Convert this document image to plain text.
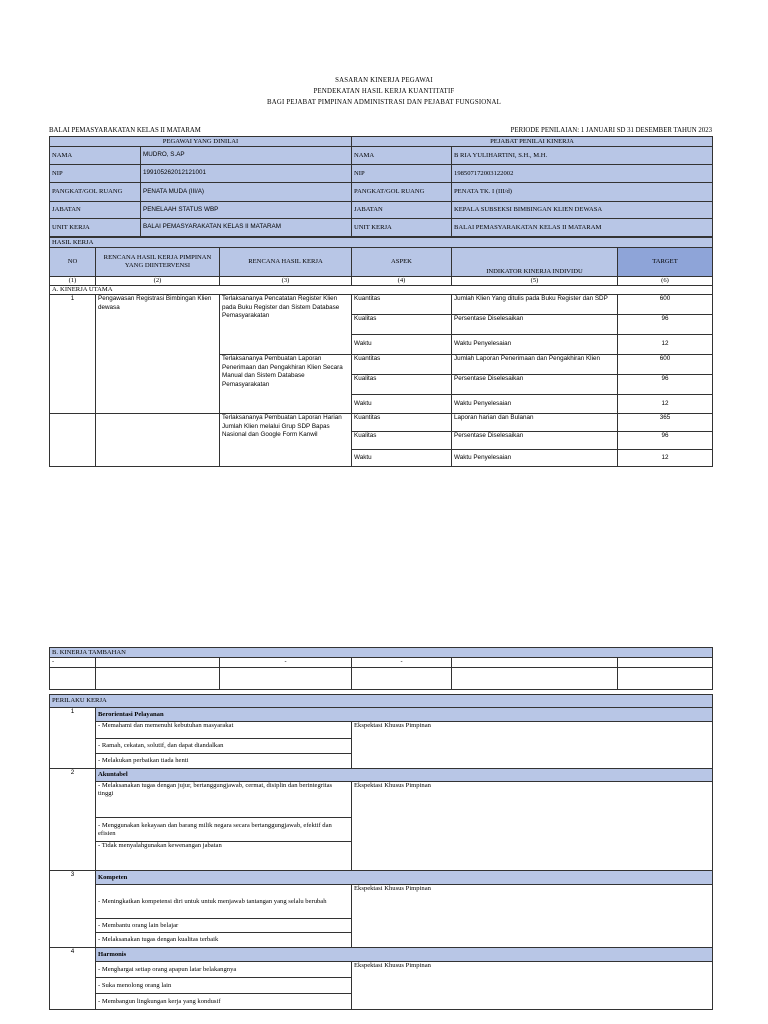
SASARAN KINERJA PEGAWAI
PENDEKATAN HASIL KERJA KUANTITATIF
BAGI PEJABAT PIMPINAN ADMINISTRASI DAN PEJABAT FUNGSIONAL
BALAI PEMASYARAKATAN KELAS II MATARAM	PERIODE PENILAIAN: 1 JANUARI SD 31 DESEMBER TAHUN 2023
PEGAWAI YANG DINILAI		PEJABAT PENILAI KINERJA	
NAMA	MUDRO, S.AP	NAMA	B RIA YULIHARTINI, S.H., M.H.
NIP	199105262012121001	NIP	198507172003122002
PANGKAT/GOL RUANG	PENATA MUDA (III/A)	PANGKAT/GOL RUANG	PENATA TK. I (III/d)
JABATAN	PENELAAH STATUS WBP	JABATAN	KEPALA SUBSEKSI BIMBINGAN KLIEN DEWASA
UNIT KERJA	BALAI PEMASYARAKATAN KELAS II MATARAM	UNIT KERJA	BALAI PEMASYARAKATAN KELAS II MATARAM
HASIL KERJA					
NO	RENCANA HASIL KERJA PIMPINAN YANG DIINTERVENSI	RENCANA HASIL KERJA	ASPEK	INDIKATOR KINERJA INDIVIDU	TARGET
(1)	(2)	(3)	(4)	(5)	(6)
A. KINERJA UTAMA					
1	Pengawasan Registrasi Bimbingan Klien dewasa	Terlaksananya Pencatatan Register Klien pada Buku Register dan Sistem Database Pemasyarakatan	Kuantitas	Jumlah Klien Yang ditulis pada Buku Register dan SDP	600
			Kualitas	Persentase Diselesaikan	96
			Waktu	Waktu Penyelesaian	12
		Terlaksananya Pembuatan Laporan Penerimaan dan Pengakhiran Klien Secara Manual dan Sistem Database Pemasyarakatan	Kuantitas	Jumlah Laporan Penerimaan dan Pengakhiran Klien	600
			Kualitas	Persentase Diselesaikan	96
			Waktu	Waktu Penyelesaian	12
		Terlaksananya Pembuatan Laporan Harian Jumlah Klien melalui Grup SDP Bapas Nasional dan Google Form Kanwil	Kuantitas	Laporan harian dan Bulanan	365
			Kualitas	Persentase Diselesaikan	96
			Waktu	Waktu Penyelesaian	12
B. KINERJA TAMBAHAN					
-		-	-		

PERILAKU KERJA		
1	Berorientasi Pelayanan	
	- Memahami dan memenuhi kebutuhan masyarakat	Ekspektasi Khusus Pimpinan
	- Ramah, cekatan, solutif, dan dapat diandalkan	
	- Melakukan perbaikan tiada henti	
2	Akuntabel	
	- Melaksanakan tugas dengan jujur, bertanggungjawab, cermat, disiplin dan berintegritas tinggi	Ekspektasi Khusus Pimpinan
	- Menggunakan kekayaan dan barang milik negara secara bertanggungjawab, efektif dan efisien	
	- Tidak menyalahgunakan kewenangan jabatan	
3	Kompeten	
	- Meningkatkan kompetensi diri untuk untuk menjawab tantangan yang selalu berubah	Ekspektasi Khusus Pimpinan
	- Membantu orang lain belajar	
	- Melaksanakan tugas dengan kualitas terbaik	
4	Harmonis	
	- Menghargai setiap orang apapun latar belakangnya	Ekspektasi Khusus Pimpinan
	- Suka menolong orang lain	
	- Membangun lingkungan kerja yang kondusif	
